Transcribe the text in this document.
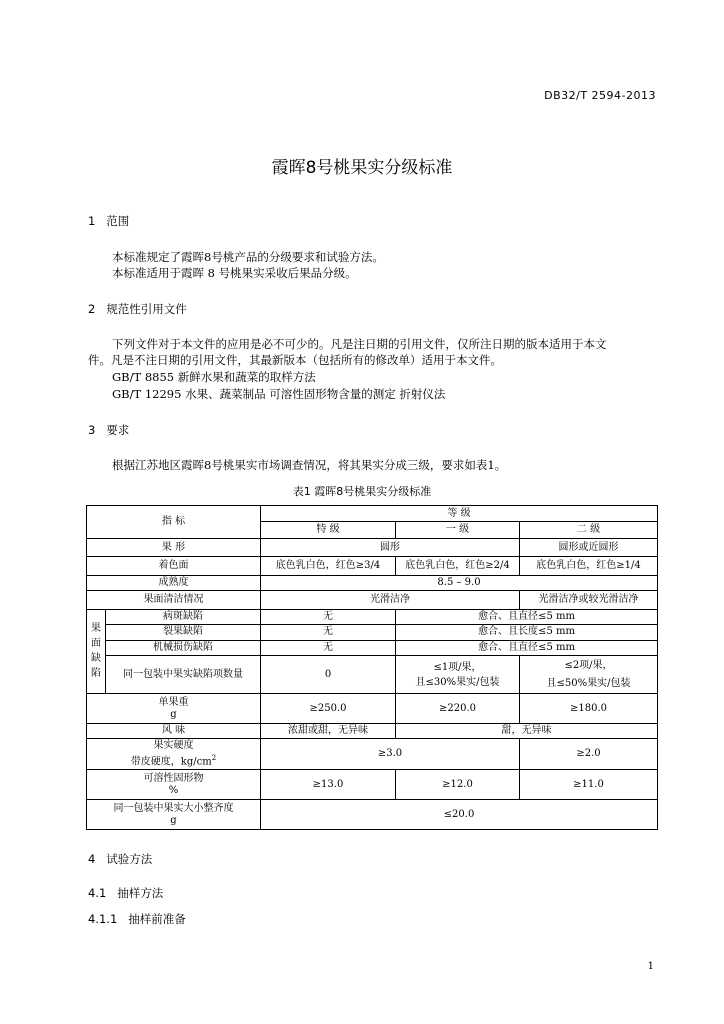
DB32/T 2594-2013
霞晖8号桃果实分级标准
1 范围
本标准规定了霞晖8号桃产品的分级要求和试验方法。
本标准适用于霞晖 8 号桃果实采收后果品分级。
2 规范性引用文件
下列文件对于本文件的应用是必不可少的。凡是注日期的引用文件，仅所注日期的版本适用于本文
件。凡是不注日期的引用文件，其最新版本（包括所有的修改单）适用于本文件。
GB/T 8855 新鲜水果和蔬菜的取样方法
GB/T 12295 水果、蔬菜制品 可溶性固形物含量的测定 折射仪法
3 要求
根据江苏地区霞晖8号桃果实市场调查情况，将其果实分成三级，要求如表1。
表1 霞晖8号桃果实分级标准
指 标		等 级		
		特 级	一 级	二 级
果 形		圆形		圆形或近圆形
着色面		底色乳白色，红色≥3/4	底色乳白色，红色≥2/4	底色乳白色，红色≥1/4
成熟度		8.5 – 9.0		
果面清洁情况		光滑洁净		光滑洁净或较光滑洁净
果
面
缺
陷	病斑缺陷	无	愈合、且直径≤5 mm	
	裂果缺陷	无	愈合、且长度≤5 mm	
	机械损伤缺陷	无	愈合、且直径≤5 mm	
	同一包装中果实缺陷项数量	0	≤1项/果，
且≤30%果实/包装	≤2项/果，
且≤50%果实/包装
单果重
g		≥250.0	≥220.0	≥180.0
风 味		浓甜或甜，无异味	甜，无异味	
果实硬度
带皮硬度，$kg/cm^2$		≥3.0		≥2.0
可溶性固形物
%		≥13.0	≥12.0	≥11.0
同一包装中果实大小整齐度
g		≤20.0		
4 试验方法
4.1 抽样方法
4.1.1 抽样前准备
1
